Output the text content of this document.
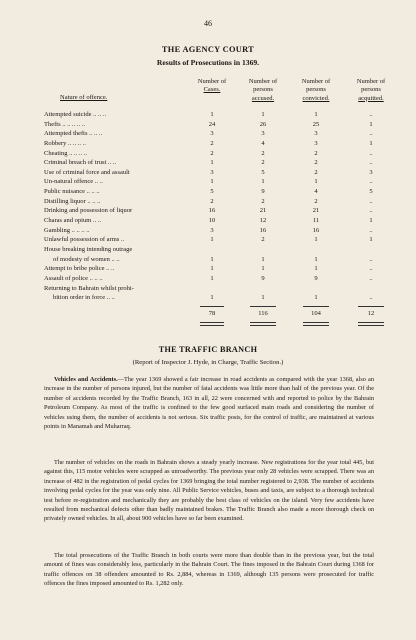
46
THE AGENCY COURT
Results of Prosecutions in 1369.
Nature of offence.
Number of
Cases.
Number of
persons
accused.
Number of
persons
convicted.
Number of
persons
acquitted.
Attempted suicide .. .. ..	1	1	1	..
Thefts .. .. .. .. ..	24	26	25	1
Attempted thefts .. .. ..	3	3	3	..
Robbery .. .. .. ..	2	4	3	1
Cheating .. .. .. ..	2	2	2	..
Criminal breach of trust .. ..	1	2	2	..
Use of criminal force and assault	3	5	2	3
Un-natural offence .. ..	1	1	1	..
Public nuisance .. .. ..	5	9	4	5
Distilling liquor .. .. ..	2	2	2	..
Drinking and possession of liquor	16	21	21	..
Charas and opium .. ..	10	12	11	1
Gambling .. .. .. ..	3	16	16	..
Unlawful possession of arms ..	1	2	1	1
House breaking intending outrage
of modesty of women .. ..	1	1	1	..
Attempt to bribe police .. ..	1	1	1	..
Assault of police .. .. ..	1	9	9	..
Returning to Bahrain whilst prohi-
bition order in force .. ..	1	1	1	..
78	116	104	12
THE TRAFFIC BRANCH
(Report of Inspector J. Hyde, in Charge, Traffic Section.)
Vehicles and Accidents.—The year 1369 showed a fair increase in road accidents as compared with the year 1368, also an increase in the number of persons injured, but the number of fatal accidents was little more than half of the previous year. Of the number of accidents recorded by the Traffic Branch, 163 in all, 22 were concerned with and reported to police by the Bahrain Petroleum Company. As most of the traffic is confined to the few good surfaced main roads and considering the number of vehicles using them, the number of accidents is not serious. Six traffic posts, for the control of traffic, are maintained at various points in Manamah and Muharraq.
The number of vehicles on the roads in Bahrain shows a steady yearly increase. New registrations for the year total 445, but against this, 115 motor vehicles were scrapped as unroadworthy. The previous year only 28 vehicles were scrapped. There was an increase of 482 in the registration of pedal cycles for 1369 bringing the total number registered to 2,938. The number of accidents involving pedal cycles for the year was only nine. All Public Service vehicles, buses and taxis, are subject to a thorough technical test before re-registration and mechanically they are probably the best class of vehicles on the island. Very few accidents have resulted from mechanical defects other than badly maintained brakes. The Traffic Branch also made a more thorough check on privately owned vehicles. In all, about 900 vehicles have so far been examined.
The total prosecutions of the Traffic Branch in both courts were more than double than in the previous year, but the total amount of fines was considerably less, particularly in the Bahrain Court. The fines imposed in the Bahrain Court during 1368 for traffic offences on 38 offenders amounted to Rs. 2,884, whereas in 1369, although 135 persons were prosecuted for traffic offences the fines imposed amounted to Rs. 1,282 only.
